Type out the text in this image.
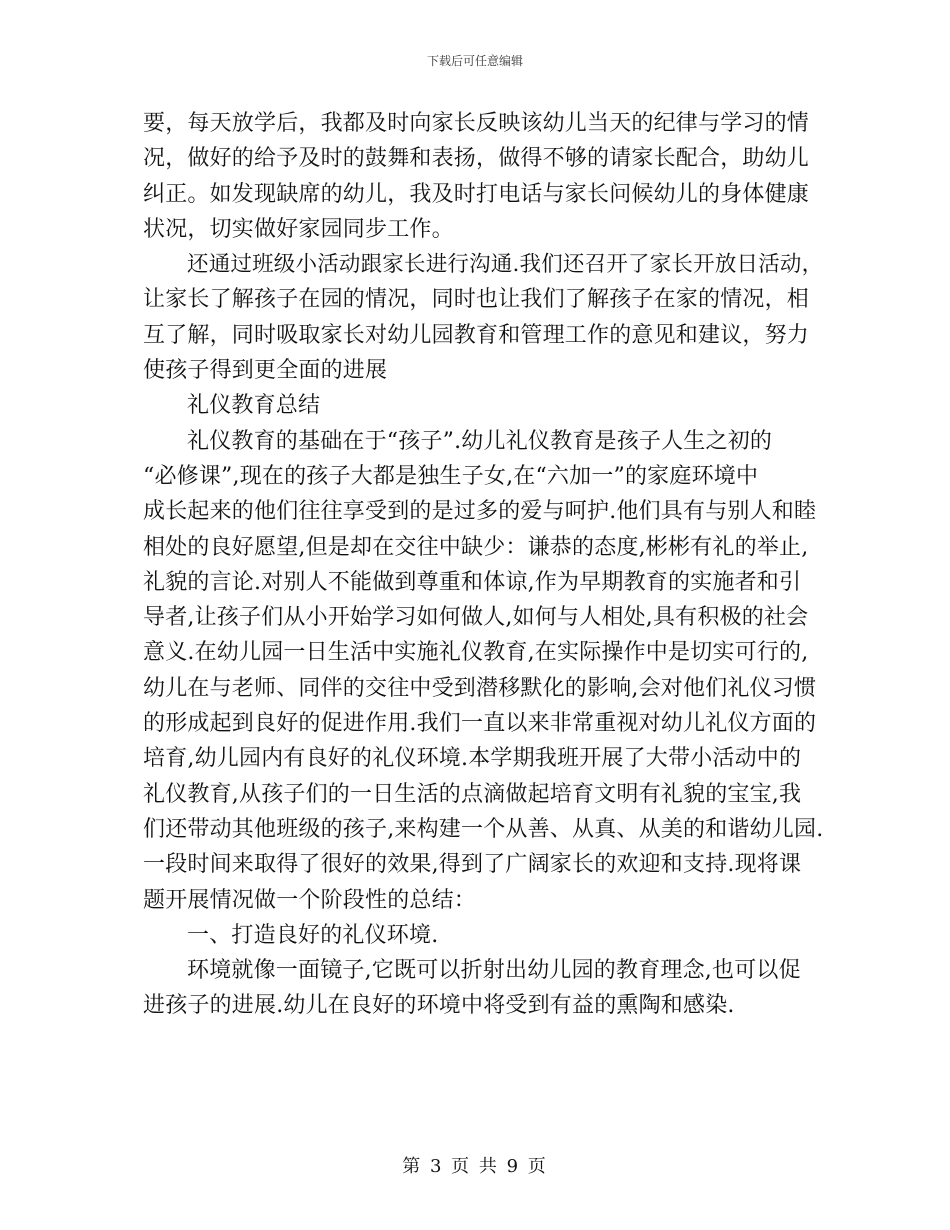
下载后可任意编辑
要，每天放学后，我都及时向家长反映该幼儿当天的纪律与学习的情
况，做好的给予及时的鼓舞和表扬，做得不够的请家长配合，助幼儿
纠正。如发现缺席的幼儿，我及时打电话与家长问候幼儿的身体健康
状况，切实做好家园同步工作。
还通过班级小活动跟家长进行沟通.我们还召开了家长开放日活动，
让家长了解孩子在园的情况，同时也让我们了解孩子在家的情况，相
互了解，同时吸取家长对幼儿园教育和管理工作的意见和建议，努力
使孩子得到更全面的进展
礼仪教育总结
礼仪教育的基础在于“孩子”.幼儿礼仪教育是孩子人生之初的
“必修课”,现在的孩子大都是独生子女,在“六加一”的家庭环境中
成长起来的他们往往享受到的是过多的爱与呵护.他们具有与别人和睦
相处的良好愿望,但是却在交往中缺少：谦恭的态度,彬彬有礼的举止,
礼貌的言论.对别人不能做到尊重和体谅,作为早期教育的实施者和引
导者,让孩子们从小开始学习如何做人,如何与人相处,具有积极的社会
意义.在幼儿园一日生活中实施礼仪教育,在实际操作中是切实可行的,
幼儿在与老师、同伴的交往中受到潜移默化的影响,会对他们礼仪习惯
的形成起到良好的促进作用.我们一直以来非常重视对幼儿礼仪方面的
培育,幼儿园内有良好的礼仪环境.本学期我班开展了大带小活动中的
礼仪教育,从孩子们的一日生活的点滴做起培育文明有礼貌的宝宝,我
们还带动其他班级的孩子,来构建一个从善、从真、从美的和谐幼儿园.
一段时间来取得了很好的效果,得到了广阔家长的欢迎和支持.现将课
题开展情况做一个阶段性的总结：
一、打造良好的礼仪环境.
环境就像一面镜子,它既可以折射出幼儿园的教育理念,也可以促
进孩子的进展.幼儿在良好的环境中将受到有益的熏陶和感染.
第 3 页 共 9 页
